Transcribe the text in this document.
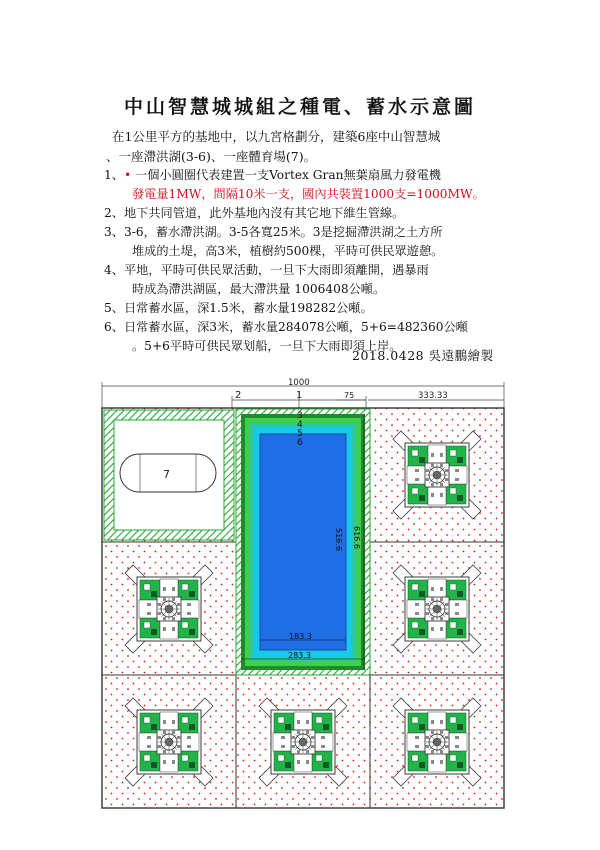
中山智慧城城組之種電、蓄水示意圖
在1公里平方的基地中，以九宮格劃分，建築6座中山智慧城
、一座滯洪湖(3-6)、一座體育場(7)。
1、• 一個小圓圈代表建置一支Vortex Gran無葉扇風力發電機
發電量1MW，間隔10米一支，國內共裝置1000支=1000MW。
2、地下共同管道，此外基地內沒有其它地下維生管線。
3、3-6，蓄水滯洪湖。3-5各寬25米。3是挖掘滯洪湖之土方所
堆成的土堤，高3米，植樹約500棵，平時可供民眾遊憩。
4、平地，平時可供民眾活動，一旦下大雨即須離開，遇暴雨
時成為滯洪湖區，最大滯洪量 1006408公噸。
5、日常蓄水區，深1.5米，蓄水量198282公噸。
6、日常蓄水區，深3米，蓄水量284078公噸，5+6=482360公噸
。5+6平時可供民眾划船，一旦下大雨即須上岸。
2018.0428 吳遠鵬繪製
1000
2	1	75	333.33
7
3
4
5
6
183.3
283.3
516.6 616.6
